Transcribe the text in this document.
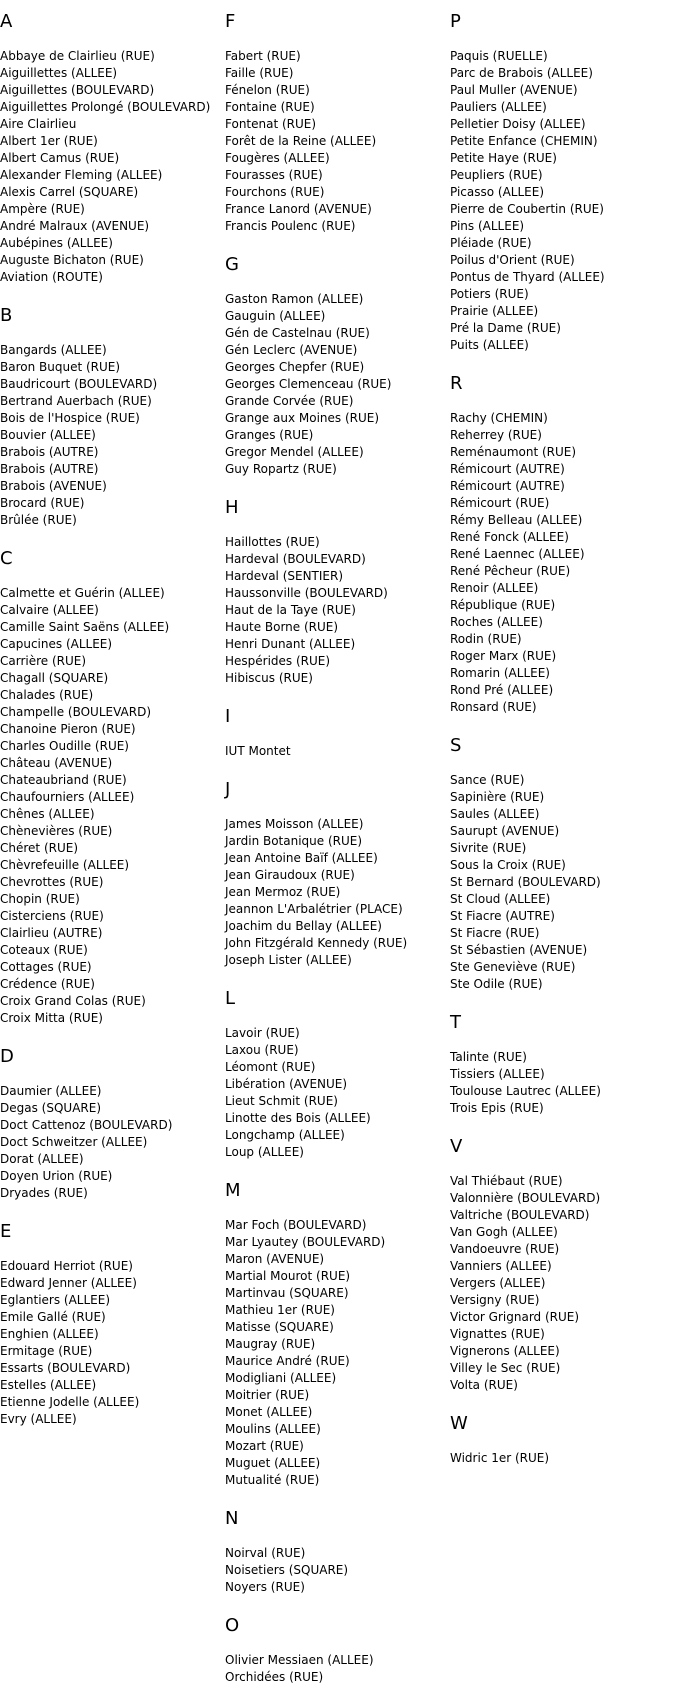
A
Abbaye de Clairlieu (RUE)
Aiguillettes (ALLEE)
Aiguillettes (BOULEVARD)
Aiguillettes Prolongé (BOULEVARD)
Aire Clairlieu
Albert 1er (RUE)
Albert Camus (RUE)
Alexander Fleming (ALLEE)
Alexis Carrel (SQUARE)
Ampère (RUE)
André Malraux (AVENUE)
Aubépines (ALLEE)
Auguste Bichaton (RUE)
Aviation (ROUTE)
B
Bangards (ALLEE)
Baron Buquet (RUE)
Baudricourt (BOULEVARD)
Bertrand Auerbach (RUE)
Bois de l'Hospice (RUE)
Bouvier (ALLEE)
Brabois (AUTRE)
Brabois (AUTRE)
Brabois (AVENUE)
Brocard (RUE)
Brûlée (RUE)
C
Calmette et Guérin (ALLEE)
Calvaire (ALLEE)
Camille Saint Saëns (ALLEE)
Capucines (ALLEE)
Carrière (RUE)
Chagall (SQUARE)
Chalades (RUE)
Champelle (BOULEVARD)
Chanoine Pieron (RUE)
Charles Oudille (RUE)
Château (AVENUE)
Chateaubriand (RUE)
Chaufourniers (ALLEE)
Chênes (ALLEE)
Chènevières (RUE)
Chéret (RUE)
Chèvrefeuille (ALLEE)
Chevrottes (RUE)
Chopin (RUE)
Cisterciens (RUE)
Clairlieu (AUTRE)
Coteaux (RUE)
Cottages (RUE)
Crédence (RUE)
Croix Grand Colas (RUE)
Croix Mitta (RUE)
D
Daumier (ALLEE)
Degas (SQUARE)
Doct Cattenoz (BOULEVARD)
Doct Schweitzer (ALLEE)
Dorat (ALLEE)
Doyen Urion (RUE)
Dryades (RUE)
E
Edouard Herriot (RUE)
Edward Jenner (ALLEE)
Eglantiers (ALLEE)
Emile Gallé (RUE)
Enghien (ALLEE)
Ermitage (RUE)
Essarts (BOULEVARD)
Estelles (ALLEE)
Etienne Jodelle (ALLEE)
Evry (ALLEE)
F
Fabert (RUE)
Faille (RUE)
Fénelon (RUE)
Fontaine (RUE)
Fontenat (RUE)
Forêt de la Reine (ALLEE)
Fougères (ALLEE)
Fourasses (RUE)
Fourchons (RUE)
France Lanord (AVENUE)
Francis Poulenc (RUE)
G
Gaston Ramon (ALLEE)
Gauguin (ALLEE)
Gén de Castelnau (RUE)
Gén Leclerc (AVENUE)
Georges Chepfer (RUE)
Georges Clemenceau (RUE)
Grande Corvée (RUE)
Grange aux Moines (RUE)
Granges (RUE)
Gregor Mendel (ALLEE)
Guy Ropartz (RUE)
H
Haillottes (RUE)
Hardeval (BOULEVARD)
Hardeval (SENTIER)
Haussonville (BOULEVARD)
Haut de la Taye (RUE)
Haute Borne (RUE)
Henri Dunant (ALLEE)
Hespérides (RUE)
Hibiscus (RUE)
I
IUT Montet
J
James Moisson (ALLEE)
Jardin Botanique (RUE)
Jean Antoine Baïf (ALLEE)
Jean Giraudoux (RUE)
Jean Mermoz (RUE)
Jeannon L'Arbalétrier (PLACE)
Joachim du Bellay (ALLEE)
John Fitzgérald Kennedy (RUE)
Joseph Lister (ALLEE)
L
Lavoir (RUE)
Laxou (RUE)
Léomont (RUE)
Libération (AVENUE)
Lieut Schmit (RUE)
Linotte des Bois (ALLEE)
Longchamp (ALLEE)
Loup (ALLEE)
M
Mar Foch (BOULEVARD)
Mar Lyautey (BOULEVARD)
Maron (AVENUE)
Martial Mourot (RUE)
Martinvau (SQUARE)
Mathieu 1er (RUE)
Matisse (SQUARE)
Maugray (RUE)
Maurice André (RUE)
Modigliani (ALLEE)
Moitrier (RUE)
Monet (ALLEE)
Moulins (ALLEE)
Mozart (RUE)
Muguet (ALLEE)
Mutualité (RUE)
N
Noirval (RUE)
Noisetiers (SQUARE)
Noyers (RUE)
O
Olivier Messiaen (ALLEE)
Orchidées (RUE)
P
Paquis (RUELLE)
Parc de Brabois (ALLEE)
Paul Muller (AVENUE)
Pauliers (ALLEE)
Pelletier Doisy (ALLEE)
Petite Enfance (CHEMIN)
Petite Haye (RUE)
Peupliers (RUE)
Picasso (ALLEE)
Pierre de Coubertin (RUE)
Pins (ALLEE)
Pléiade (RUE)
Poilus d'Orient (RUE)
Pontus de Thyard (ALLEE)
Potiers (RUE)
Prairie (ALLEE)
Pré la Dame (RUE)
Puits (ALLEE)
R
Rachy (CHEMIN)
Reherrey (RUE)
Reménaumont (RUE)
Rémicourt (AUTRE)
Rémicourt (AUTRE)
Rémicourt (RUE)
Rémy Belleau (ALLEE)
René Fonck (ALLEE)
René Laennec (ALLEE)
René Pêcheur (RUE)
Renoir (ALLEE)
République (RUE)
Roches (ALLEE)
Rodin (RUE)
Roger Marx (RUE)
Romarin (ALLEE)
Rond Pré (ALLEE)
Ronsard (RUE)
S
Sance (RUE)
Sapinière (RUE)
Saules (ALLEE)
Saurupt (AVENUE)
Sivrite (RUE)
Sous la Croix (RUE)
St Bernard (BOULEVARD)
St Cloud (ALLEE)
St Fiacre (AUTRE)
St Fiacre (RUE)
St Sébastien (AVENUE)
Ste Geneviève (RUE)
Ste Odile (RUE)
T
Talinte (RUE)
Tissiers (ALLEE)
Toulouse Lautrec (ALLEE)
Trois Epis (RUE)
V
Val Thiébaut (RUE)
Valonnière (BOULEVARD)
Valtriche (BOULEVARD)
Van Gogh (ALLEE)
Vandoeuvre (RUE)
Vanniers (ALLEE)
Vergers (ALLEE)
Versigny (RUE)
Victor Grignard (RUE)
Vignattes (RUE)
Vignerons (ALLEE)
Villey le Sec (RUE)
Volta (RUE)
W
Widric 1er (RUE)
